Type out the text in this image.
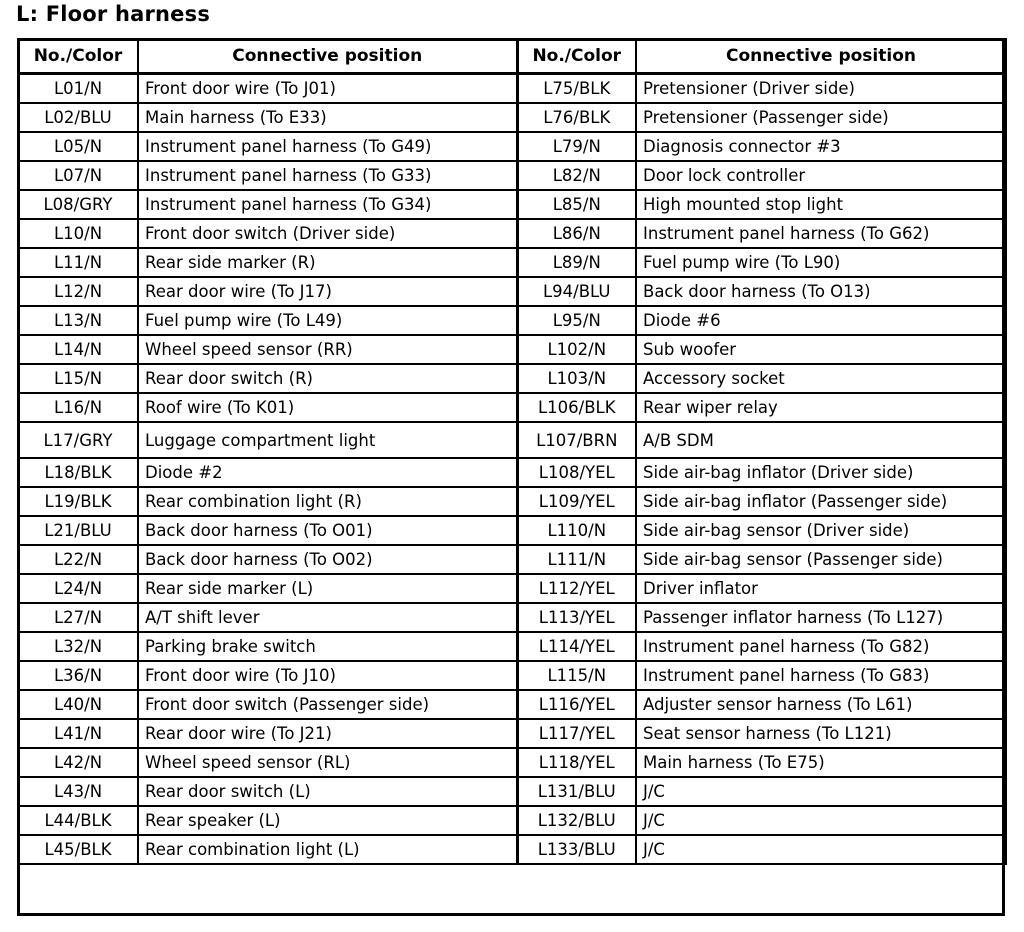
L: Floor harness
No./Color	Connective position	No./Color	Connective position
L01/N	Front door wire (To J01)	L75/BLK	Pretensioner (Driver side)
L02/BLU	Main harness (To E33)	L76/BLK	Pretensioner (Passenger side)
L05/N	Instrument panel harness (To G49)	L79/N	Diagnosis connector #3
L07/N	Instrument panel harness (To G33)	L82/N	Door lock controller
L08/GRY	Instrument panel harness (To G34)	L85/N	High mounted stop light
L10/N	Front door switch (Driver side)	L86/N	Instrument panel harness (To G62)
L11/N	Rear side marker (R)	L89/N	Fuel pump wire (To L90)
L12/N	Rear door wire (To J17)	L94/BLU	Back door harness (To O13)
L13/N	Fuel pump wire (To L49)	L95/N	Diode #6
L14/N	Wheel speed sensor (RR)	L102/N	Sub woofer
L15/N	Rear door switch (R)	L103/N	Accessory socket
L16/N	Roof wire (To K01)	L106/BLK	Rear wiper relay
L17/GRY	Luggage compartment light	L107/BRN	A/B SDM
L18/BLK	Diode #2	L108/YEL	Side air-bag inflator (Driver side)
L19/BLK	Rear combination light (R)	L109/YEL	Side air-bag inflator (Passenger side)
L21/BLU	Back door harness (To O01)	L110/N	Side air-bag sensor (Driver side)
L22/N	Back door harness (To O02)	L111/N	Side air-bag sensor (Passenger side)
L24/N	Rear side marker (L)	L112/YEL	Driver inflator
L27/N	A/T shift lever	L113/YEL	Passenger inflator harness (To L127)
L32/N	Parking brake switch	L114/YEL	Instrument panel harness (To G82)
L36/N	Front door wire (To J10)	L115/N	Instrument panel harness (To G83)
L40/N	Front door switch (Passenger side)	L116/YEL	Adjuster sensor harness (To L61)
L41/N	Rear door wire (To J21)	L117/YEL	Seat sensor harness (To L121)
L42/N	Wheel speed sensor (RL)	L118/YEL	Main harness (To E75)
L43/N	Rear door switch (L)	L131/BLU	J/C
L44/BLK	Rear speaker (L)	L132/BLU	J/C
L45/BLK	Rear combination light (L)	L133/BLU	J/C
